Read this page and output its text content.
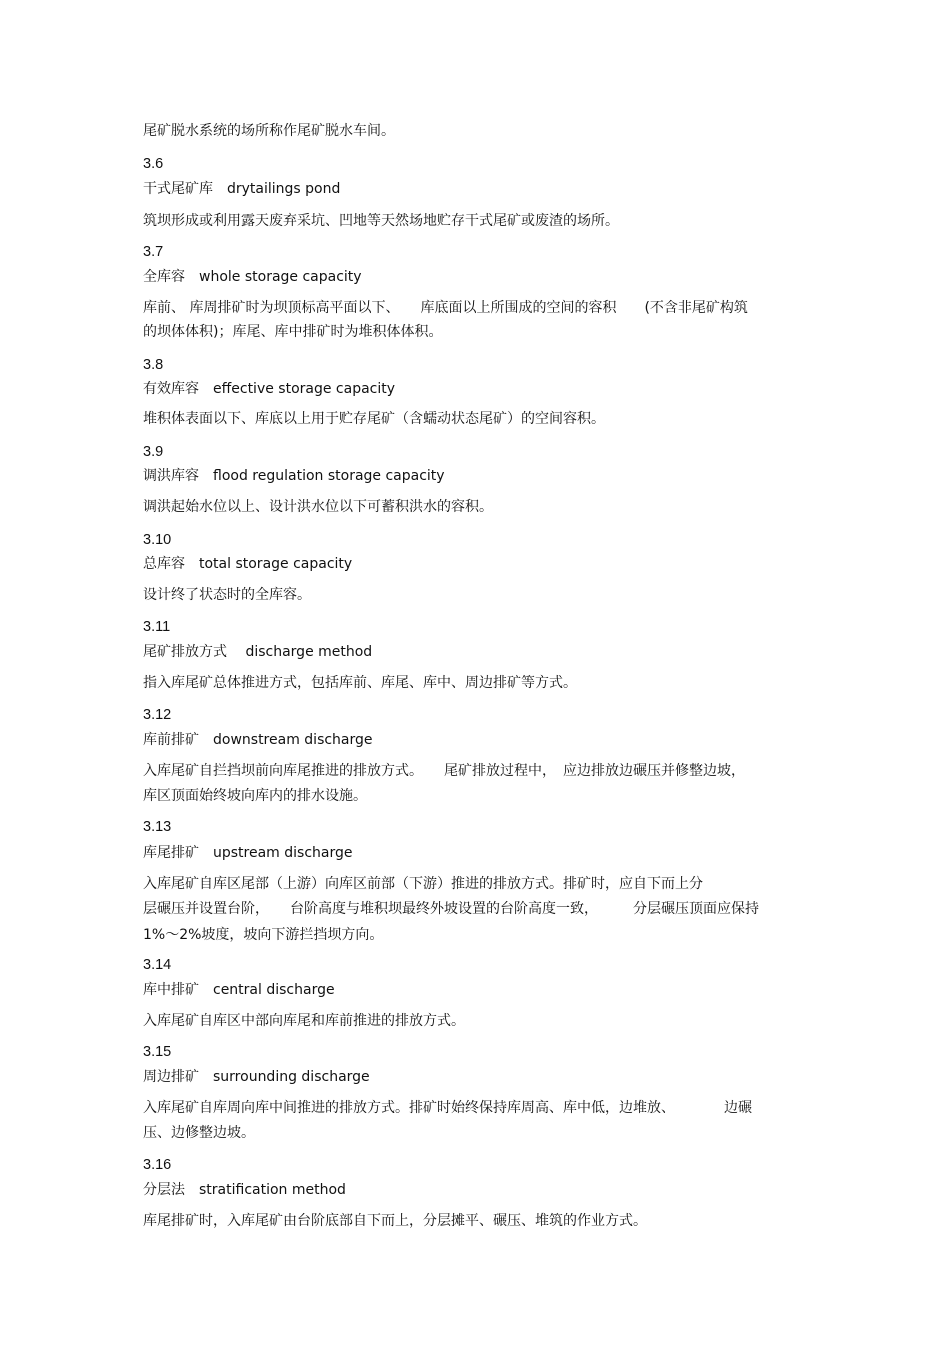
尾矿脱水系统的场所称作尾矿脱水车间。
3.6
干式尾矿库　drytailings pond
筑坝形成或利用露天废弃采坑、凹地等天然场地贮存干式尾矿或废渣的场所。
3.7
全库容　whole storage capacity
库前、 库周排矿时为坝顶标高平面以下、　　库底面以上所围成的空间的容积　　(不含非尾矿构筑
的坝体体积)；库尾、库中排矿时为堆积体体积。
3.8
有效库容　effective storage capacity
堆积体表面以下、库底以上用于贮存尾矿（含蠕动状态尾矿）的空间容积。
3.9
调洪库容　flood regulation storage capacity
调洪起始水位以上、设计洪水位以下可蓄积洪水的容积。
3.10
总库容　total storage capacity
设计终了状态时的全库容。
3.11
尾矿排放方式　 discharge method
指入库尾矿总体推进方式，包括库前、库尾、库中、周边排矿等方式。
3.12
库前排矿　downstream discharge
入库尾矿自拦挡坝前向库尾推进的排放方式。　　尾矿排放过程中，　应边排放边碾压并修整边坡，
库区顶面始终坡向库内的排水设施。
3.13
库尾排矿　upstream discharge
入库尾矿自库区尾部（上游）向库区前部（下游）推进的排放方式。排矿时，应自下而上分
层碾压并设置台阶，　　台阶高度与堆积坝最终外坡设置的台阶高度一致，　　　分层碾压顶面应保持
1%～2%坡度，坡向下游拦挡坝方向。
3.14
库中排矿　central discharge
入库尾矿自库区中部向库尾和库前推进的排放方式。
3.15
周边排矿　surrounding discharge
入库尾矿自库周向库中间推进的排放方式。排矿时始终保持库周高、库中低，边堆放、　　　　边碾
压、边修整边坡。
3.16
分层法　stratification method
库尾排矿时，入库尾矿由台阶底部自下而上，分层摊平、碾压、堆筑的作业方式。
